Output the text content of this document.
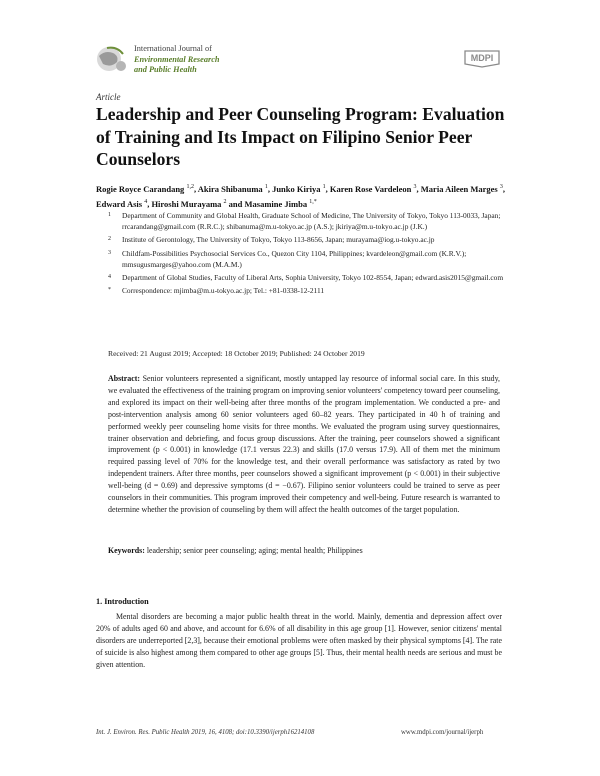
International Journal of
Environmental Research
and Public Health
MDPI
Article
Leadership and Peer Counseling Program: Evaluation of Training and Its Impact on Filipino Senior Peer Counselors
Rogie Royce Carandang $^{1,2}$, Akira Shibanuma $^1$, Junko Kiriya $^1$, Karen Rose Vardeleon $^3$, Maria Aileen Marges $^3$, Edward Asis $^4$, Hiroshi Murayama $^2$ and Masamine Jimba $^{1,*}$
1 Department of Community and Global Health, Graduate School of Medicine, The University of Tokyo, Tokyo 113-0033, Japan; rrcarandang@gmail.com (R.R.C.); shibanuma@m.u-tokyo.ac.jp (A.S.); jkiriya@m.u-tokyo.ac.jp (J.K.)
2 Institute of Gerontology, The University of Tokyo, Tokyo 113-8656, Japan; murayama@iog.u-tokyo.ac.jp
3 Childfam-Possibilities Psychosocial Services Co., Quezon City 1104, Philippines; kvardeleon@gmail.com (K.R.V.); mmsugusmarges@yahoo.com (M.A.M.)
4 Department of Global Studies, Faculty of Liberal Arts, Sophia University, Tokyo 102-8554, Japan; edward.asis2015@gmail.com
* Correspondence: mjimba@m.u-tokyo.ac.jp; Tel.: +81-0338-12-2111
Received: 21 August 2019; Accepted: 18 October 2019; Published: 24 October 2019
Abstract: Senior volunteers represented a significant, mostly untapped lay resource of informal social care. In this study, we evaluated the effectiveness of the training program on improving senior volunteers' competency toward peer counseling, and explored its impact on their well-being after three months of the program implementation. We conducted a pre- and post-intervention analysis among 60 senior volunteers aged 60–82 years. They participated in 40 h of training and performed weekly peer counseling home visits for three months. We evaluated the program using survey questionnaires, trainer observation and debriefing, and focus group discussions. After the training, peer counselors showed a significant improvement (p < 0.001) in knowledge (17.1 versus 22.3) and skills (17.0 versus 17.9). All of them met the minimum required passing level of 70% for the knowledge test, and their overall performance was satisfactory as rated by two independent trainers. After three months, peer counselors showed a significant improvement (p < 0.001) in their subjective well-being (d = 0.69) and depressive symptoms (d = −0.67). Filipino senior volunteers could be trained to serve as peer counselors in their communities. This program improved their competency and well-being. Future research is warranted to determine whether the provision of counseling by them will affect the health outcomes of the target population.
Keywords: leadership; senior peer counseling; aging; mental health; Philippines
1. Introduction
Mental disorders are becoming a major public health threat in the world. Mainly, dementia and depression affect over 20% of adults aged 60 and above, and account for 6.6% of all disability in this age group [1]. However, senior citizens' mental disorders are underreported [2,3], because their emotional problems were often masked by their physical symptoms [4]. The rate of suicide is also highest among them compared to other age groups [5]. Thus, their mental health needs are serious and must be given attention.
Int. J. Environ. Res. Public Health 2019, 16, 4108; doi:10.3390/ijerph16214108	www.mdpi.com/journal/ijerph
